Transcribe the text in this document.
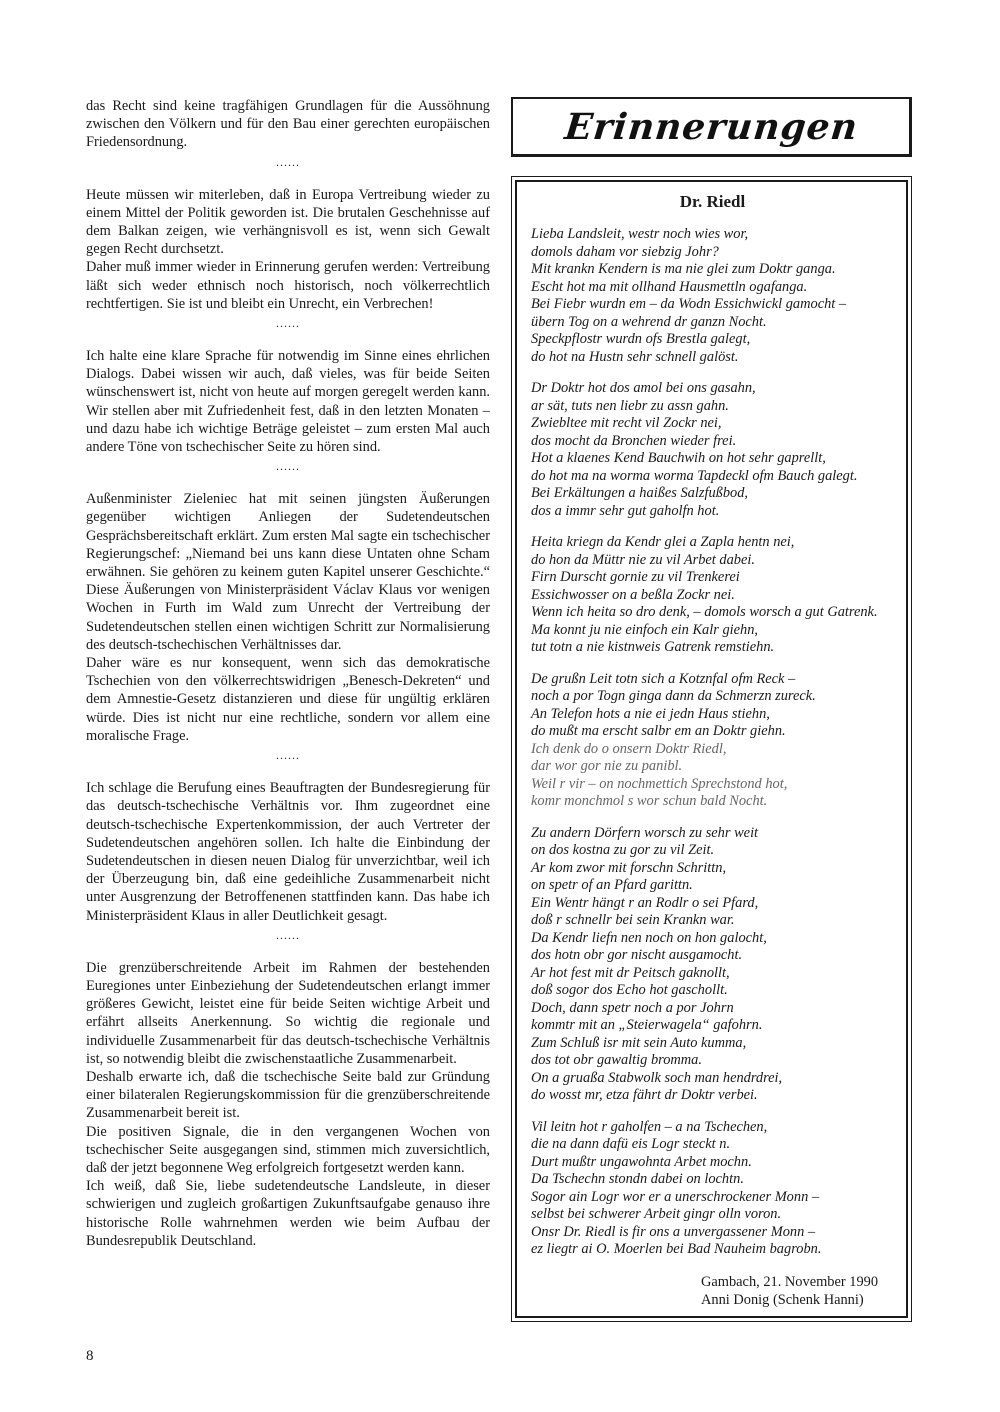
das Recht sind keine tragfähigen Grundlagen für die Aussöhnung zwischen den Völkern und für den Bau einer gerechten europäischen Friedensordnung.

......

Heute müssen wir miterleben, daß in Europa Vertreibung wieder zu einem Mittel der Politik geworden ist. Die brutalen Geschehnisse auf dem Balkan zeigen, wie verhängnisvoll es ist, wenn sich Gewalt gegen Recht durchsetzt.

Daher muß immer wieder in Erinnerung gerufen werden: Vertreibung läßt sich weder ethnisch noch historisch, noch völkerrechtlich rechtfertigen. Sie ist und bleibt ein Unrecht, ein Verbrechen!

......

Ich halte eine klare Sprache für notwendig im Sinne eines ehrlichen Dialogs. Dabei wissen wir auch, daß vieles, was für beide Seiten wünschenswert ist, nicht von heute auf morgen geregelt werden kann. Wir stellen aber mit Zufriedenheit fest, daß in den letzten Monaten – und dazu habe ich wichtige Beträge geleistet – zum ersten Mal auch andere Töne von tschechischer Seite zu hören sind.

......

Außenminister Zieleniec hat mit seinen jüngsten Äußerungen gegenüber wichtigen Anliegen der Sudetendeutschen Gesprächsbereitschaft erklärt. Zum ersten Mal sagte ein tschechischer Regierungschef: „Niemand bei uns kann diese Untaten ohne Scham erwähnen. Sie gehören zu keinem guten Kapitel unserer Geschichte.“ Diese Äußerungen von Ministerpräsident Václav Klaus vor wenigen Wochen in Furth im Wald zum Unrecht der Vertreibung der Sudetendeutschen stellen einen wichtigen Schritt zur Normalisierung des deutsch-tschechischen Verhältnisses dar.

Daher wäre es nur konsequent, wenn sich das demokratische Tschechien von den völkerrechtswidrigen „Benesch-Dekreten“ und dem Amnestie-Gesetz distanzieren und diese für ungültig erklären würde. Dies ist nicht nur eine rechtliche, sondern vor allem eine moralische Frage.

......

Ich schlage die Berufung eines Beauftragten der Bundesregierung für das deutsch-tschechische Verhältnis vor. Ihm zugeordnet eine deutsch-tschechische Expertenkommission, der auch Vertreter der Sudetendeutschen angehören sollen. Ich halte die Einbindung der Sudetendeutschen in diesen neuen Dialog für unverzichtbar, weil ich der Überzeugung bin, daß eine gedeihliche Zusammenarbeit nicht unter Ausgrenzung der Betroffenenen stattfinden kann. Das habe ich Ministerpräsident Klaus in aller Deutlichkeit gesagt.

......

Die grenzüberschreitende Arbeit im Rahmen der bestehenden Euregiones unter Einbeziehung der Sudetendeutschen erlangt immer größeres Gewicht, leistet eine für beide Seiten wichtige Arbeit und erfährt allseits Anerkennung. So wichtig die regionale und individuelle Zusammenarbeit für das deutsch-tschechische Verhältnis ist, so notwendig bleibt die zwischenstaatliche Zusammenarbeit.

Deshalb erwarte ich, daß die tschechische Seite bald zur Gründung einer bilateralen Regierungskommission für die grenzüberschreitende Zusammenarbeit bereit ist.

Die positiven Signale, die in den vergangenen Wochen von tschechischer Seite ausgegangen sind, stimmen mich zuversichtlich, daß der jetzt begonnene Weg erfolgreich fortgesetzt werden kann.

Ich weiß, daß Sie, liebe sudetendeutsche Landsleute, in dieser schwierigen und zugleich großartigen Zukunftsaufgabe genauso ihre historische Rolle wahrnehmen werden wie beim Aufbau der Bundesrepublik Deutschland.

8
Erinnerungen
Dr. Riedl
Lieba Landsleit, westr noch wies wor,
domols daham vor siebzig Johr?
Mit krankn Kendern is ma nie glei zum Doktr ganga.
Escht hot ma mit ollhand Hausmettln ogafanga.
Bei Fiebr wurdn em – da Wodn Essichwickl gamocht –
übern Tog on a wehrend dr ganzn Nocht.
Speckpflostr wurdn ofs Brestla galegt,
do hot na Hustn sehr schnell galöst.
Dr Doktr hot dos amol bei ons gasahn,
ar sät, tuts nen liebr zu assn gahn.
Zwiebltee mit recht vil Zockr nei,
dos mocht da Bronchen wieder frei.
Hot a klaenes Kend Bauchwih on hot sehr gaprellt,
do hot ma na worma worma Tapdeckl ofm Bauch galegt.
Bei Erkältungen a haißes Salzfußbod,
dos a immr sehr gut gaholfn hot.
Heita kriegn da Kendr glei a Zapla hentn nei,
do hon da Müttr nie zu vil Arbet dabei.
Firn Durscht gornie zu vil Trenkerei
Essichwosser on a beßla Zockr nei.
Wenn ich heita so dro denk, – domols worsch a gut Gatrenk.
Ma konnt ju nie einfoch ein Kalr giehn,
tut totn a nie kistnweis Gatrenk remstiehn.
De grußn Leit totn sich a Kotznfal ofm Reck –
noch a por Togn ginga dann da Schmerzn zureck.
An Telefon hots a nie ei jedn Haus stiehn,
do mußt ma erscht salbr em an Doktr giehn.
Ich denk do o onsern Doktr Riedl,
dar wor gor nie zu panibl.
Weil r vir – on nochmettich Sprechstond hot,
komr monchmol s wor schun bald Nocht.
Zu andern Dörfern worsch zu sehr weit
on dos kostna zu gor zu vil Zeit.
Ar kom zwor mit forschn Schrittn,
on spetr of an Pfard garittn.
Ein Wentr hängt r an Rodlr o sei Pfard,
doß r schnellr bei sein Krankn war.
Da Kendr liefn nen noch on hon galocht,
dos hotn obr gor nischt ausgamocht.
Ar hot fest mit dr Peitsch gaknollt,
doß sogor dos Echo hot gaschollt.
Doch, dann spetr noch a por Johrn
kommtr mit an „Steierwagela“ gafohrn.
Zum Schluß isr mit sein Auto kumma,
dos tot obr gawaltig bromma.
On a gruaßa Stabwolk soch man hendrdrei,
do wosst mr, etza fährt dr Doktr verbei.
Vil leitn hot r gaholfen – a na Tschechen,
die na dann dafü eis Logr steckt n.
Durt mußtr ungawohnta Arbet mochn.
Da Tschechn stondn dabei on lochtn.
Sogor ain Logr wor er a unerschrockener Monn –
selbst bei schwerer Arbeit gingr olln voron.
Onsr Dr. Riedl is fir ons a unvergassener Monn –
ez liegtr ai O. Moerlen bei Bad Nauheim bagrobn.
Gambach, 21. November 1990
Anni Donig (Schenk Hanni)
